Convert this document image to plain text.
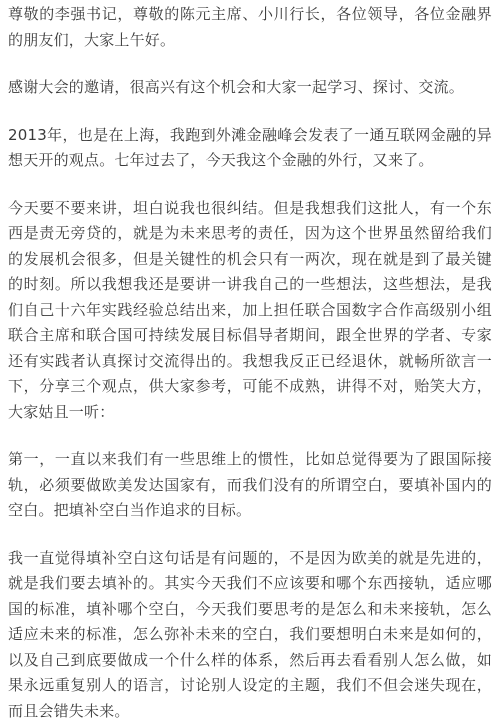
尊敬的李强书记，尊敬的陈元主席、小川行长，各位领导，各位金融界的朋友们，大家上午好。

感谢大会的邀请，很高兴有这个机会和大家一起学习、探讨、交流。

2013年，也是在上海，我跑到外滩金融峰会发表了一通互联网金融的异想天开的观点。七年过去了，今天我这个金融的外行，又来了。

今天要不要来讲，坦白说我也很纠结。但是我想我们这批人，有一个东西是责无旁贷的，就是为未来思考的责任，因为这个世界虽然留给我们的发展机会很多，但是关键性的机会只有一两次，现在就是到了最关键的时刻。所以我想我还是要讲一讲我自己的一些想法，这些想法，是我们自己十六年实践经验总结出来，加上担任联合国数字合作高级别小组联合主席和联合国可持续发展目标倡导者期间，跟全世界的学者、专家还有实践者认真探讨交流得出的。我想我反正已经退休，就畅所欲言一下，分享三个观点，供大家参考，可能不成熟，讲得不对，贻笑大方，大家姑且一听：

第一，一直以来我们有一些思维上的惯性，比如总觉得要为了跟国际接轨，必须要做欧美发达国家有，而我们没有的所谓空白，要填补国内的空白。把填补空白当作追求的目标。

我一直觉得填补空白这句话是有问题的，不是因为欧美的就是先进的，就是我们要去填补的。其实今天我们不应该要和哪个东西接轨，适应哪国的标准，填补哪个空白，今天我们要思考的是怎么和未来接轨，怎么适应未来的标准，怎么弥补未来的空白，我们要想明白未来是如何的，以及自己到底要做成一个什么样的体系，然后再去看看别人怎么做，如果永远重复别人的语言，讨论别人设定的主题，我们不但会迷失现在，而且会错失未来。
